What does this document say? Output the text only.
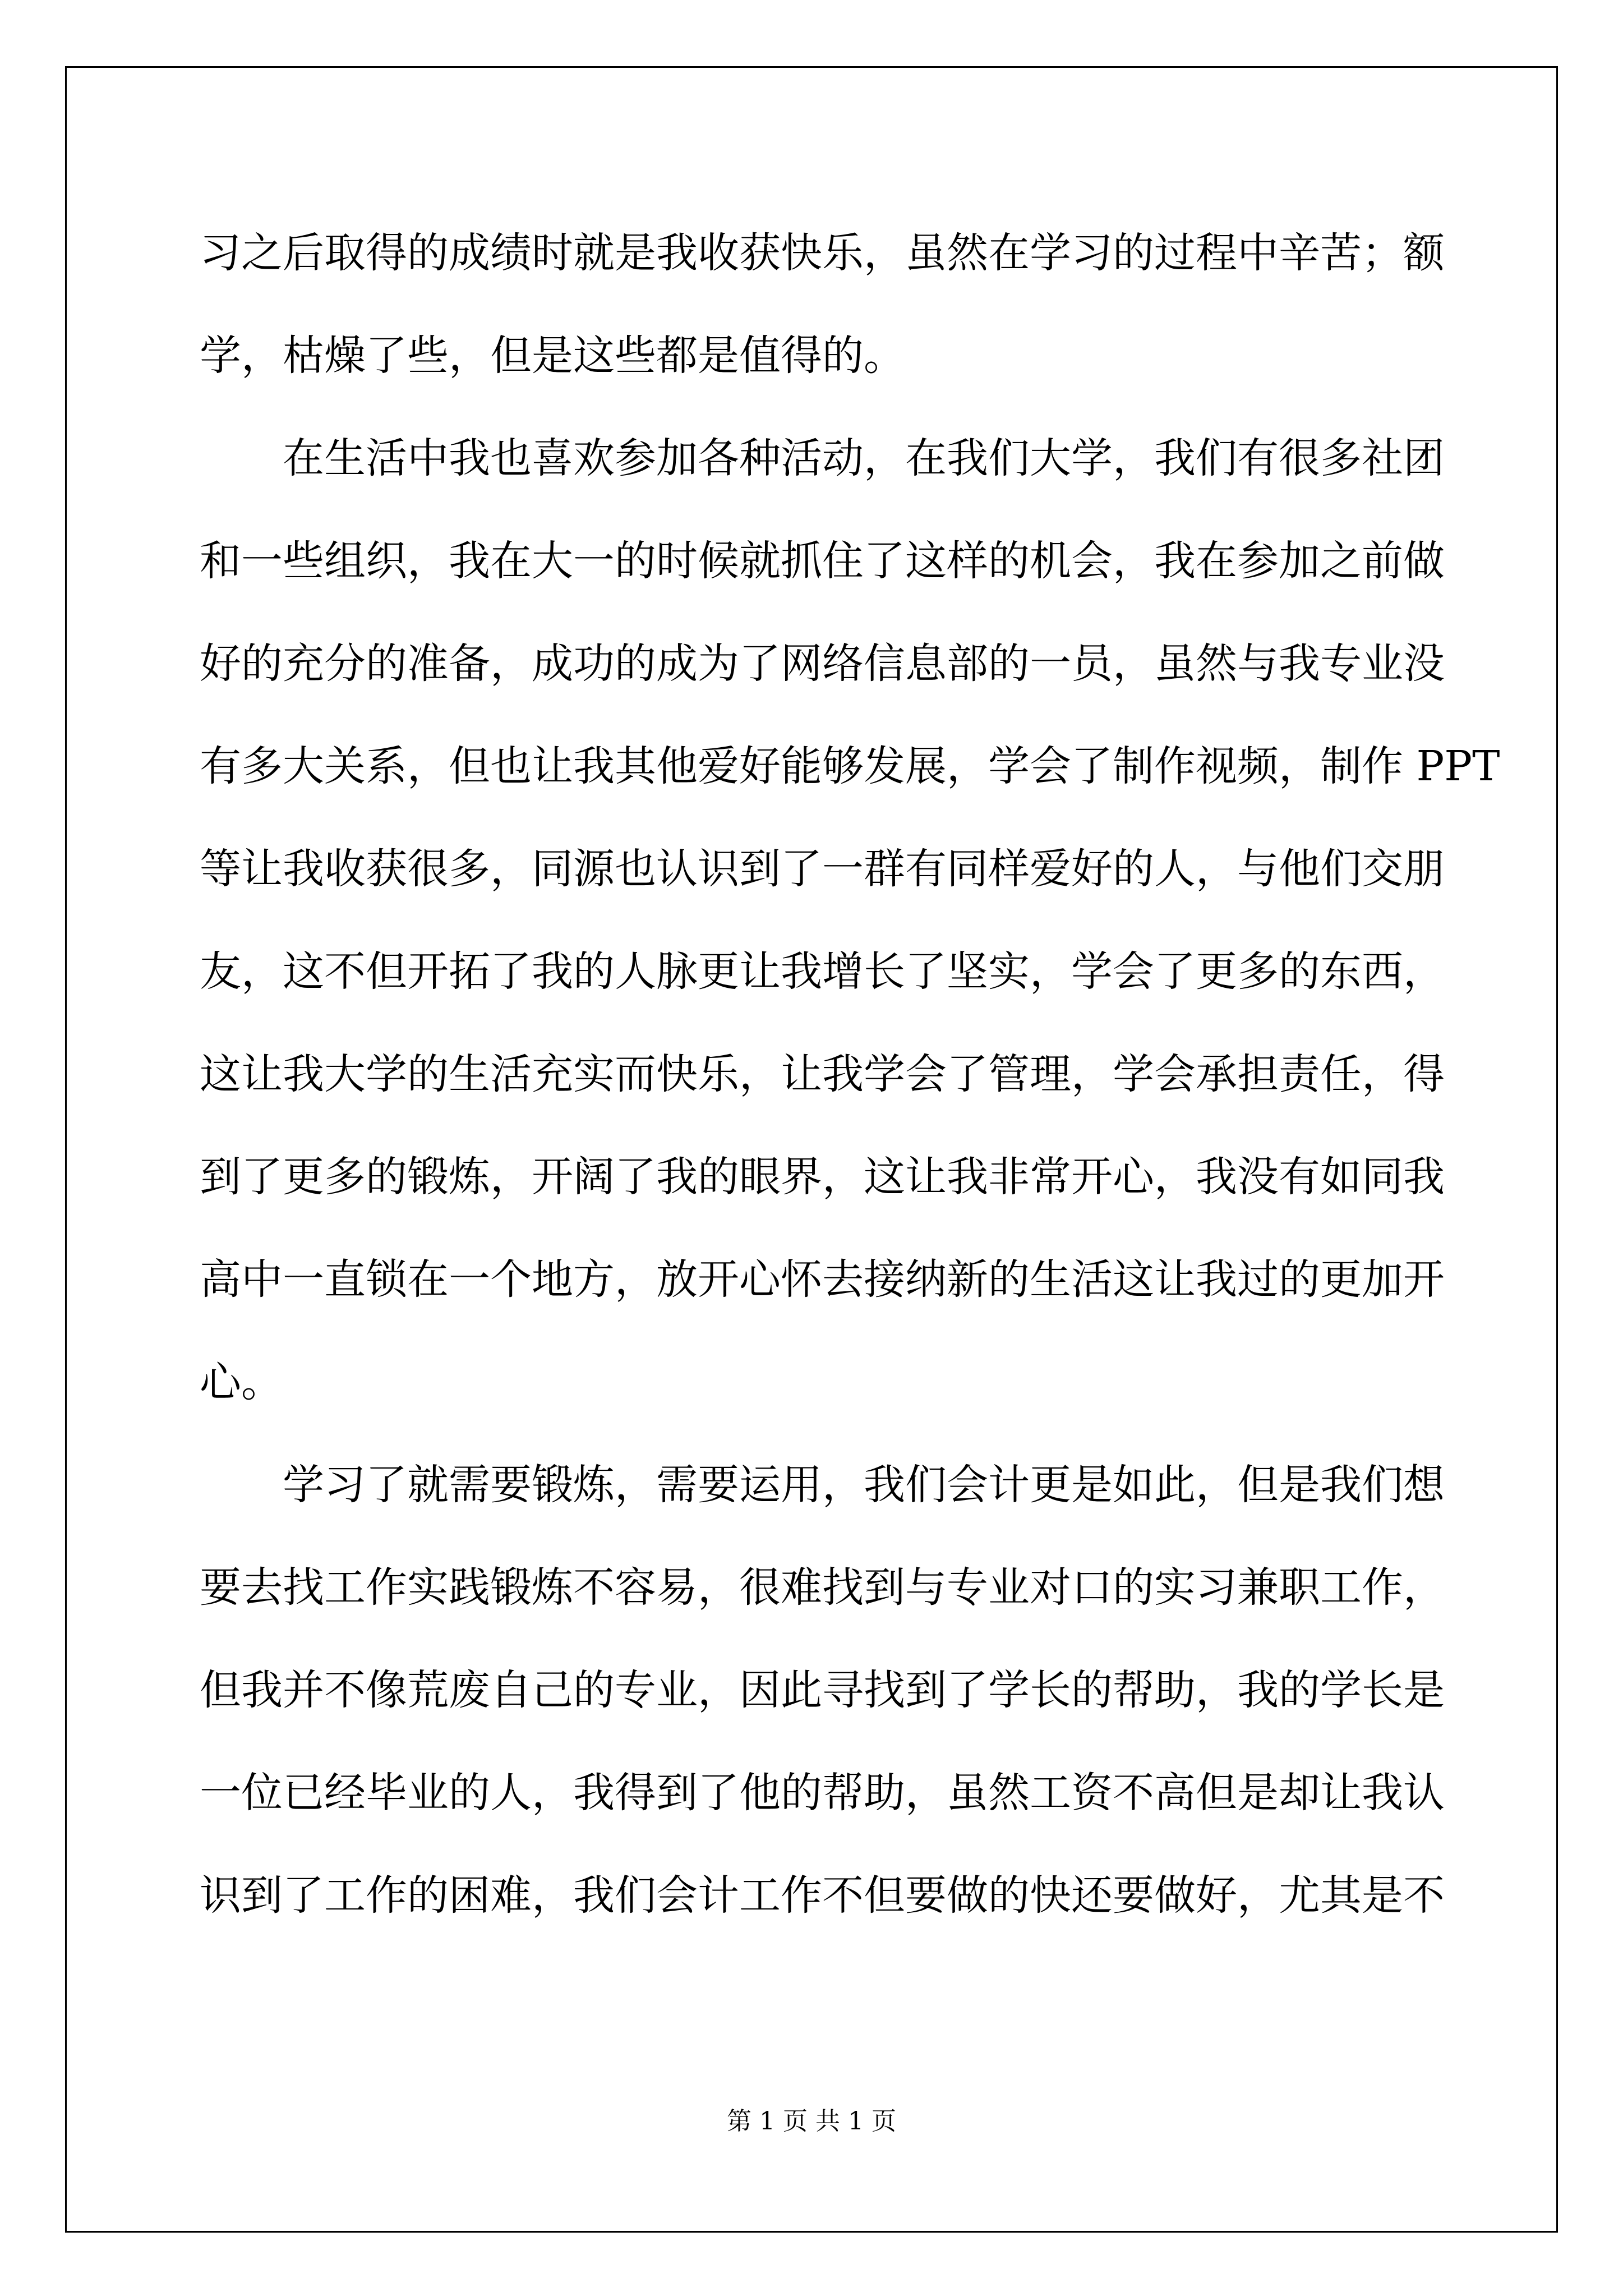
习之后取得的成绩时就是我收获快乐，虽然在学习的过程中辛苦；额
学，枯燥了些，但是这些都是值得的。
在生活中我也喜欢参加各种活动，在我们大学，我们有很多社团
和一些组织，我在大一的时候就抓住了这样的机会，我在参加之前做
好的充分的准备，成功的成为了网络信息部的一员，虽然与我专业没
有多大关系，但也让我其他爱好能够发展，学会了制作视频，制作 PPT
等让我收获很多，同源也认识到了一群有同样爱好的人，与他们交朋
友，这不但开拓了我的人脉更让我增长了坚实，学会了更多的东西，
这让我大学的生活充实而快乐，让我学会了管理，学会承担责任，得
到了更多的锻炼，开阔了我的眼界，这让我非常开心，我没有如同我
高中一直锁在一个地方，放开心怀去接纳新的生活这让我过的更加开
心。
学习了就需要锻炼，需要运用，我们会计更是如此，但是我们想
要去找工作实践锻炼不容易，很难找到与专业对口的实习兼职工作，
但我并不像荒废自己的专业，因此寻找到了学长的帮助，我的学长是
一位已经毕业的人，我得到了他的帮助，虽然工资不高但是却让我认
识到了工作的困难，我们会计工作不但要做的快还要做好，尤其是不
第 1 页 共 1 页
